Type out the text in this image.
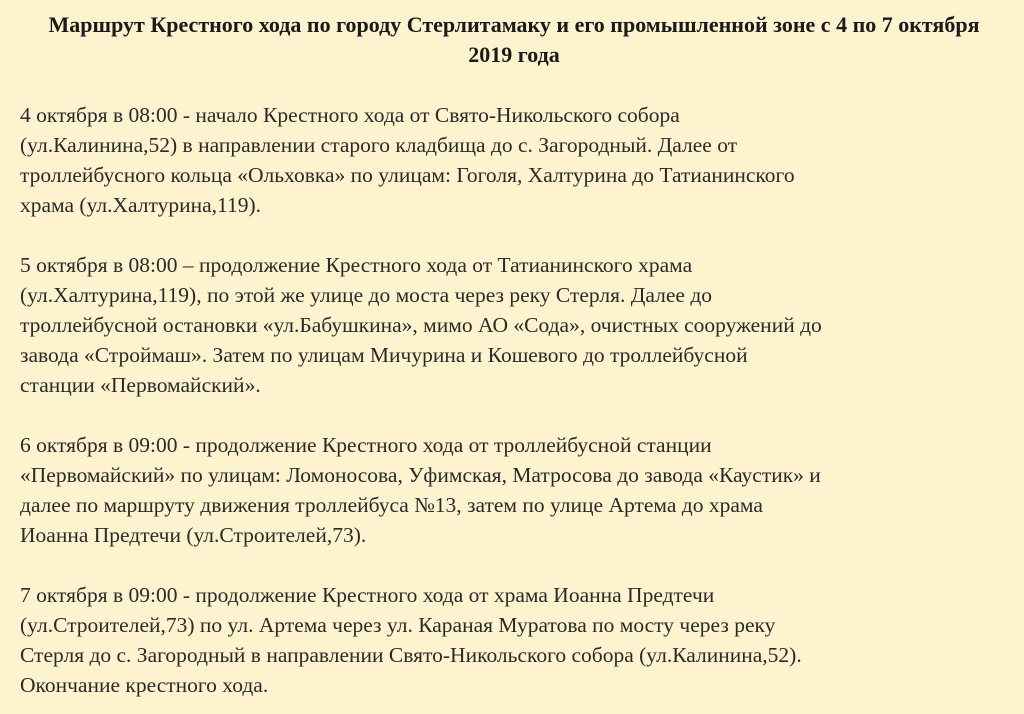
Маршрут Крестного хода по городу Стерлитамаку и его промышленной зоне с 4 по 7 октября 2019 года
4 октября в 08:00 - начало Крестного хода от Свято-Никольского собора
(ул.Калинина,52) в направлении старого кладбища до с. Загородный. Далее от
троллейбусного кольца «Ольховка» по улицам: Гоголя, Халтурина до Татианинского
храма (ул.Халтурина,119).
5 октября в 08:00 – продолжение Крестного хода от Татианинского храма
(ул.Халтурина,119), по этой же улице до моста через реку Стерля. Далее до
троллейбусной остановки «ул.Бабушкина», мимо АО «Сода», очистных сооружений до
завода «Строймаш». Затем по улицам Мичурина и Кошевого до троллейбусной
станции «Первомайский».
6 октября в 09:00 - продолжение Крестного хода от троллейбусной станции
«Первомайский» по улицам: Ломоносова, Уфимская, Матросова до завода «Каустик» и
далее по маршруту движения троллейбуса №13, затем по улице Артема до храма
Иоанна Предтечи (ул.Строителей,73).
7 октября в 09:00 - продолжение Крестного хода от храма Иоанна Предтечи
(ул.Строителей,73) по ул. Артема через ул. Караная Муратова по мосту через реку
Стерля до с. Загородный в направлении Свято-Никольского собора (ул.Калинина,52).
Окончание крестного хода.
